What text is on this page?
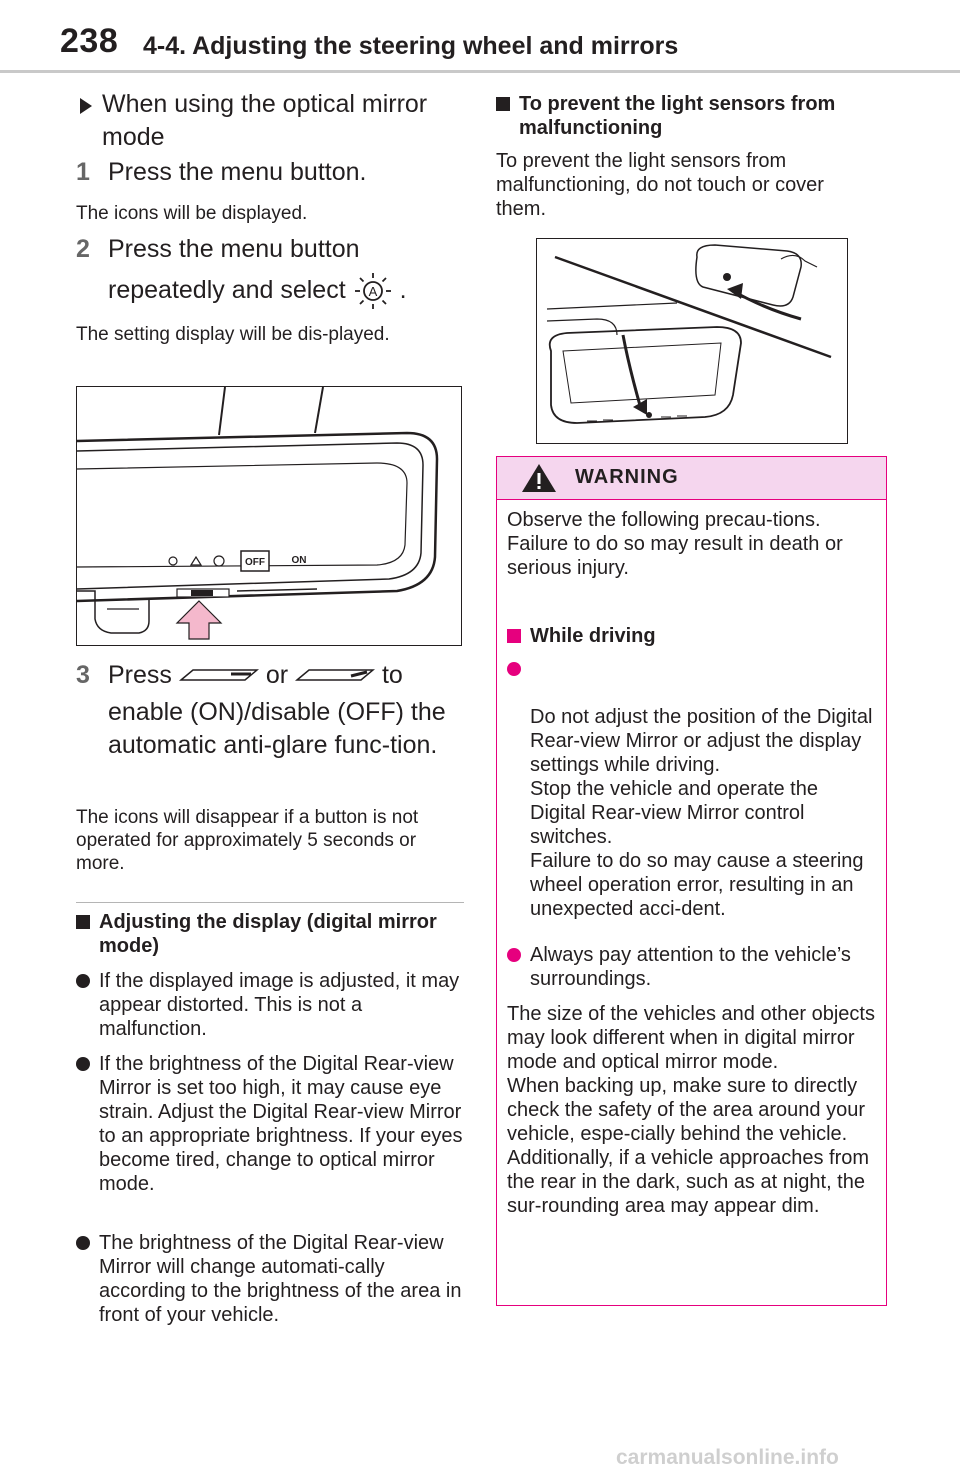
238 4-4. Adjusting the steering wheel and mirrors
When using the optical mirror mode
1 Press the menu button.
The icons will be displayed.
2 Press the menu button
repeatedly and select A .
The setting display will be dis-played.
OFF	ON
3 Press	or	to
enable (ON)/disable (OFF) the automatic anti-glare func-tion.
The icons will disappear if a button is not operated for approximately 5 seconds or more.
Adjusting the display (digital mirror mode)
If the displayed image is adjusted, it may appear distorted. This is not a malfunction.
If the brightness of the Digital Rear-view Mirror is set too high, it may cause eye strain. Adjust the Digital Rear-view Mirror to an appropriate brightness. If your eyes become tired, change to optical mirror mode.
The brightness of the Digital Rear-view Mirror will change automati-cally according to the brightness of the area in front of your vehicle.
To prevent the light sensors from malfunctioning
To prevent the light sensors from malfunctioning, do not touch or cover them.
WARNING
Observe the following precau-tions.
Failure to do so may result in death or serious injury.
While driving

Do not adjust the position of the Digital Rear-view Mirror or adjust the display settings while driving.
Stop the vehicle and operate the Digital Rear-view Mirror control switches.
Failure to do so may cause a steering wheel operation error, resulting in an unexpected acci-dent.

Always pay attention to the vehicle’s surroundings.
The size of the vehicles and other objects may look different when in digital mirror mode and optical mirror mode.
When backing up, make sure to directly check the safety of the area around your vehicle, espe-cially behind the vehicle.
Additionally, if a vehicle approaches from the rear in the dark, such as at night, the sur-rounding area may appear dim.
carmanualsonline.info
